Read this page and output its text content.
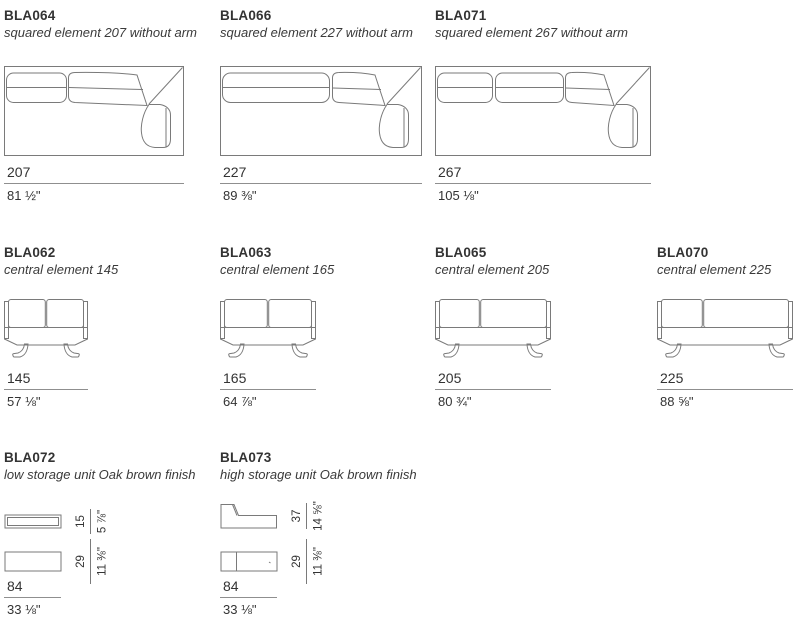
BLA064
squared element 207 without arm
207
81 ½"
BLA066
squared element 227 without arm
227
89 ⅜"
BLA071
squared element 267 without arm
267
105 ⅛"
BLA062
central element 145
145
57 ⅛"
BLA063
central element 165
165
64 ⅞"
BLA065
central element 205
205
80 ¾"
BLA070
central element 225
225
88 ⅝"
BLA072
low storage unit Oak brown finish
15 5 ⅞"
29 11 ⅜"
84
33 ⅛"
BLA073
high storage unit Oak brown finish
37 14 ⅝"
29 11 ⅜"
84
33 ⅛"
